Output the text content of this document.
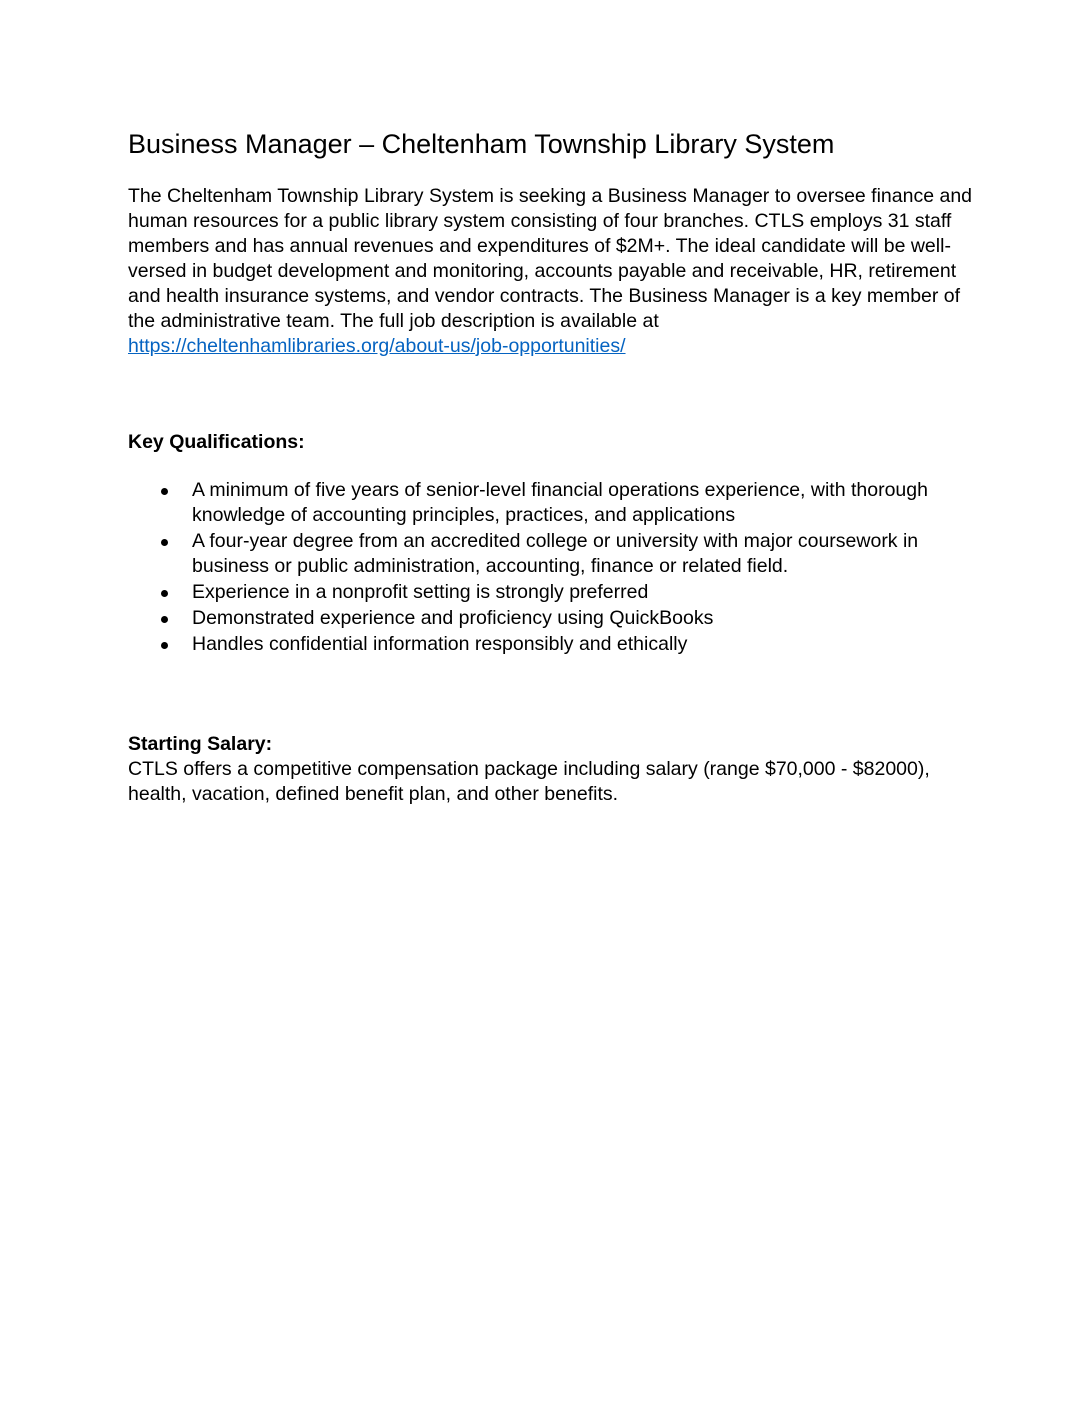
Business Manager – Cheltenham Township Library System

The Cheltenham Township Library System is seeking a Business Manager to oversee finance and human resources for a public library system consisting of four branches. CTLS employs 31 staff members and has annual revenues and expenditures of $2M+. The ideal candidate will be well-versed in budget development and monitoring, accounts payable and receivable, HR, retirement and health insurance systems, and vendor contracts. The Business Manager is a key member of the administrative team. The full job description is available at https://cheltenhamlibraries.org/about-us/job-opportunities/

Key Qualifications:
A minimum of five years of senior-level financial operations experience, with thorough knowledge of accounting principles, practices, and applications
A four-year degree from an accredited college or university with major coursework in business or public administration, accounting, finance or related field.
Experience in a nonprofit setting is strongly preferred
Demonstrated experience and proficiency using QuickBooks
Handles confidential information responsibly and ethically
Starting Salary:

CTLS offers a competitive compensation package including salary (range $70,000 - $82000), health, vacation, defined benefit plan, and other benefits.
